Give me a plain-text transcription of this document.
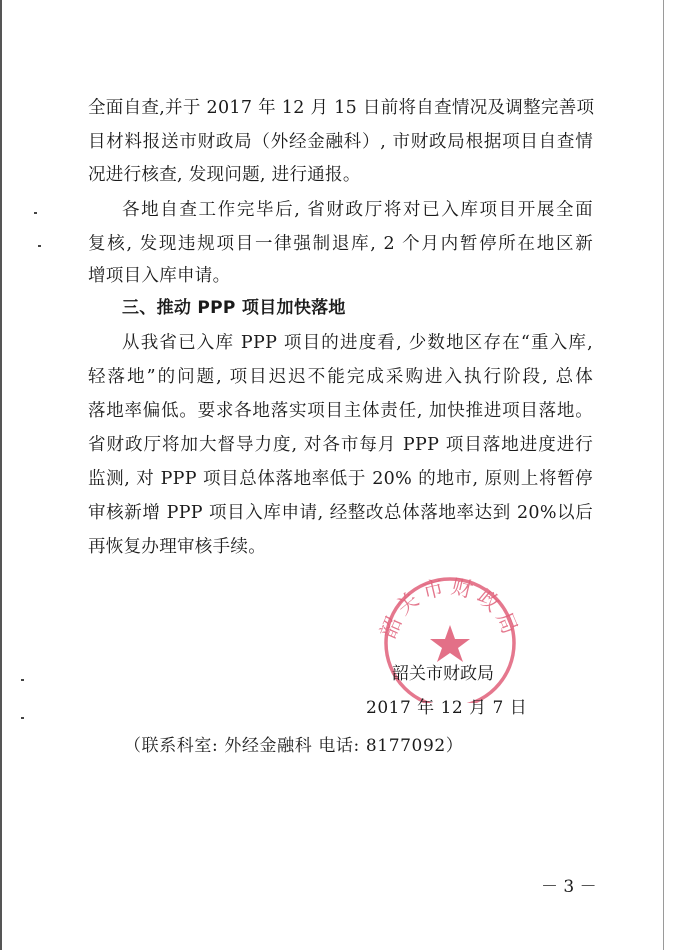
全面自查,并于 2017 年 12 月 15 日前将自查情况及调整完善项
目材料报送市财政局（外经金融科）, 市财政局根据项目自查情
况进行核查, 发现问题, 进行通报。
各地自查工作完毕后, 省财政厅将对已入库项目开展全面
复核, 发现违规项目一律强制退库, 2 个月内暂停所在地区新
增项目入库申请。
三、推动 PPP 项目加快落地
从我省已入库 PPP 项目的进度看, 少数地区存在“重入库,
轻落地”的问题, 项目迟迟不能完成采购进入执行阶段, 总体
落地率偏低。要求各地落实项目主体责任, 加快推进项目落地。
省财政厅将加大督导力度, 对各市每月 PPP 项目落地进度进行
监测, 对 PPP 项目总体落地率低于 20% 的地市, 原则上将暂停
审核新增 PPP 项目入库申请, 经整改总体落地率达到 20%以后
再恢复办理审核手续。
韶关市财政局
韶关市财政局
2017 年 12 月 7 日
（联系科室: 外经金融科 电话: 8177092）
－ 3 －
